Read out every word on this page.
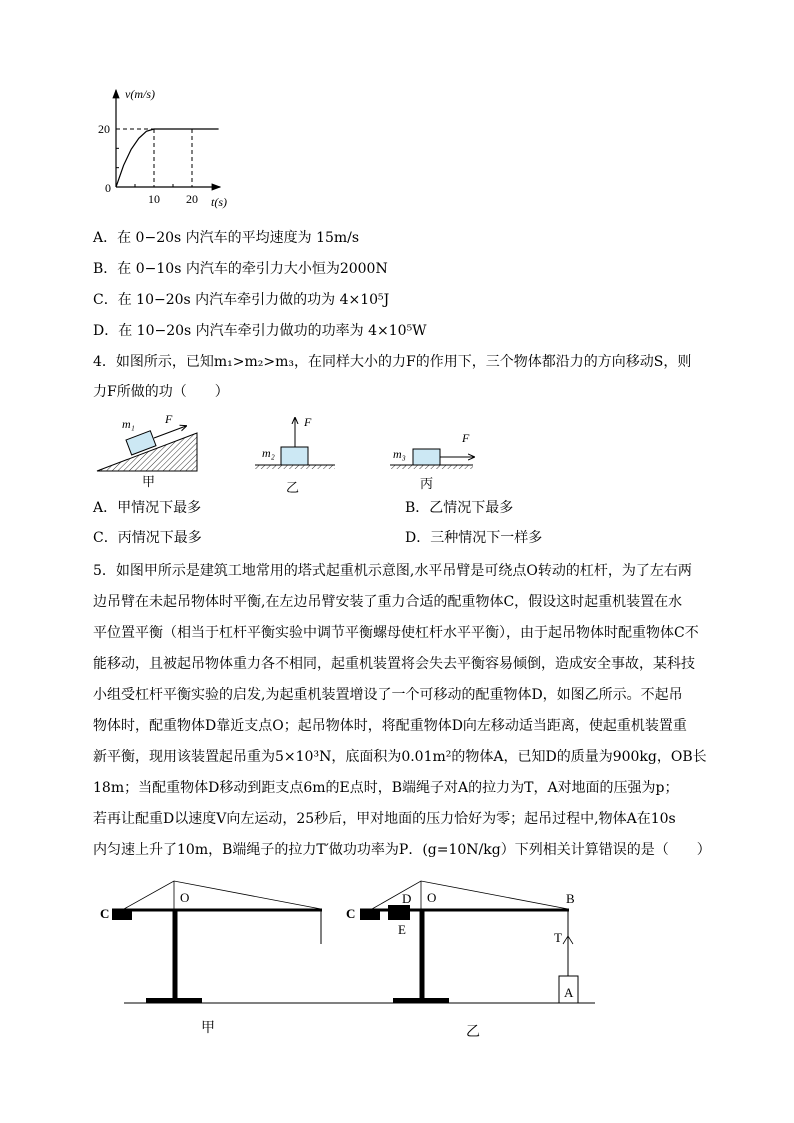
v(m/s)
t(s)
0
20
10 20
A．在 0−20s 内汽车的平均速度为 15m/s
B．在 0−10s 内汽车的牵引力大小恒为2000N
C．在 10−20s 内汽车牵引力做的功为 4×10⁵J
D．在 10−20s 内汽车牵引力做功的功率为 4×10⁵W
4．如图所示，已知m₁>m₂>m₃，在同样大小的力F的作用下，三个物体都沿力的方向移动S，则
力F所做的功（　　）
m₁	F
甲
m₂
F
乙
m₃
F
丙
A．甲情况下最多	B．乙情况下最多
C．丙情况下最多	D．三种情况下一样多
5．如图甲所示是建筑工地常用的塔式起重机示意图,水平吊臂是可绕点O转动的杠杆，为了左右两
边吊臂在未起吊物体时平衡,在左边吊臂安装了重力合适的配重物体C，假设这时起重机装置在水
平位置平衡（相当于杠杆平衡实验中调节平衡螺母使杠杆水平平衡），由于起吊物体时配重物体C不
能移动，且被起吊物体重力各不相同，起重机装置将会失去平衡容易倾倒，造成安全事故，某科技
小组受杠杆平衡实验的启发,为起重机装置增设了一个可移动的配重物体D，如图乙所示。不起吊
物体时，配重物体D靠近支点O；起吊物体时，将配重物体D向左移动适当距离，使起重机装置重
新平衡，现用该装置起吊重为5×10³N，底面积为0.01m²的物体A，已知D的质量为900kg，OB长
18m；当配重物体D移动到距支点6m的E点时，B端绳子对A的拉力为T，A对地面的压强为p；
若再让配重D以速度V向左运动，25秒后，甲对地面的压力恰好为零；起吊过程中,物体A在10s
内匀速上升了10m，B端绳子的拉力T′做功功率为P．(g=10N/kg）下列相关计算错误的是（　　）
C
O
甲
C
D O
E
B
T
A
乙
